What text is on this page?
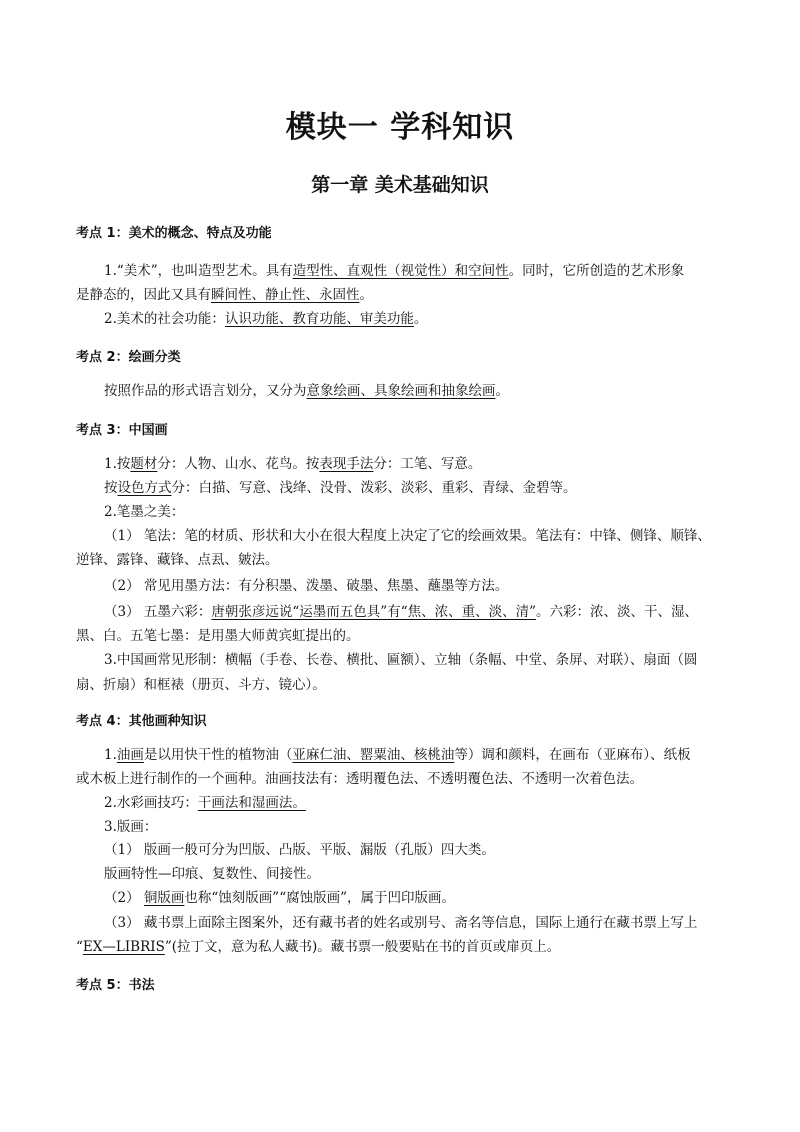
模块一 学科知识
第一章 美术基础知识
考点 1：美术的概念、特点及功能
1.“美术”，也叫造型艺术。具有造型性、直观性（视觉性）和空间性。同时，它所创造的艺术形象
是静态的，因此又具有瞬间性、静止性、永固性。
2.美术的社会功能：认识功能、教育功能、审美功能。
考点 2：绘画分类
按照作品的形式语言划分，又分为意象绘画、具象绘画和抽象绘画。
考点 3：中国画
1.按题材分：人物、山水、花鸟。按表现手法分：工笔、写意。
按设色方式分：白描、写意、浅绛、没骨、泼彩、淡彩、重彩、青绿、金碧等。
2.笔墨之美：
（1） 笔法：笔的材质、形状和大小在很大程度上决定了它的绘画效果。笔法有：中锋、侧锋、顺锋、
逆锋、露锋、藏锋、点厾、皴法。
（2） 常见用墨方法：有分积墨、泼墨、破墨、焦墨、蘸墨等方法。
（3） 五墨六彩：唐朝张彦远说“运墨而五色具”有“焦、浓、重、淡、清”。六彩：浓、淡、干、湿、
黑、白。五笔七墨：是用墨大师黄宾虹提出的。
3.中国画常见形制：横幅（手卷、长卷、横批、匾额）、立轴（条幅、中堂、条屏、对联）、扇面（圆
扇、折扇）和框裱（册页、斗方、镜心）。
考点 4：其他画种知识
1.油画是以用快干性的植物油（亚麻仁油、罂粟油、核桃油等）调和颜料，在画布（亚麻布）、纸板
或木板上进行制作的一个画种。油画技法有：透明覆色法、不透明覆色法、不透明一次着色法。
2.水彩画技巧：干画法和湿画法。
3.版画：
（1） 版画一般可分为凹版、凸版、平版、漏版（孔版）四大类。
版画特性—印痕、复数性、间接性。
（2） 铜版画也称“蚀刻版画”“腐蚀版画”，属于凹印版画。
（3） 藏书票上面除主图案外，还有藏书者的姓名或别号、斋名等信息，国际上通行在藏书票上写上
“EX—LIBRIS”(拉丁文，意为私人藏书)。藏书票一般要贴在书的首页或扉页上。
考点 5：书法
